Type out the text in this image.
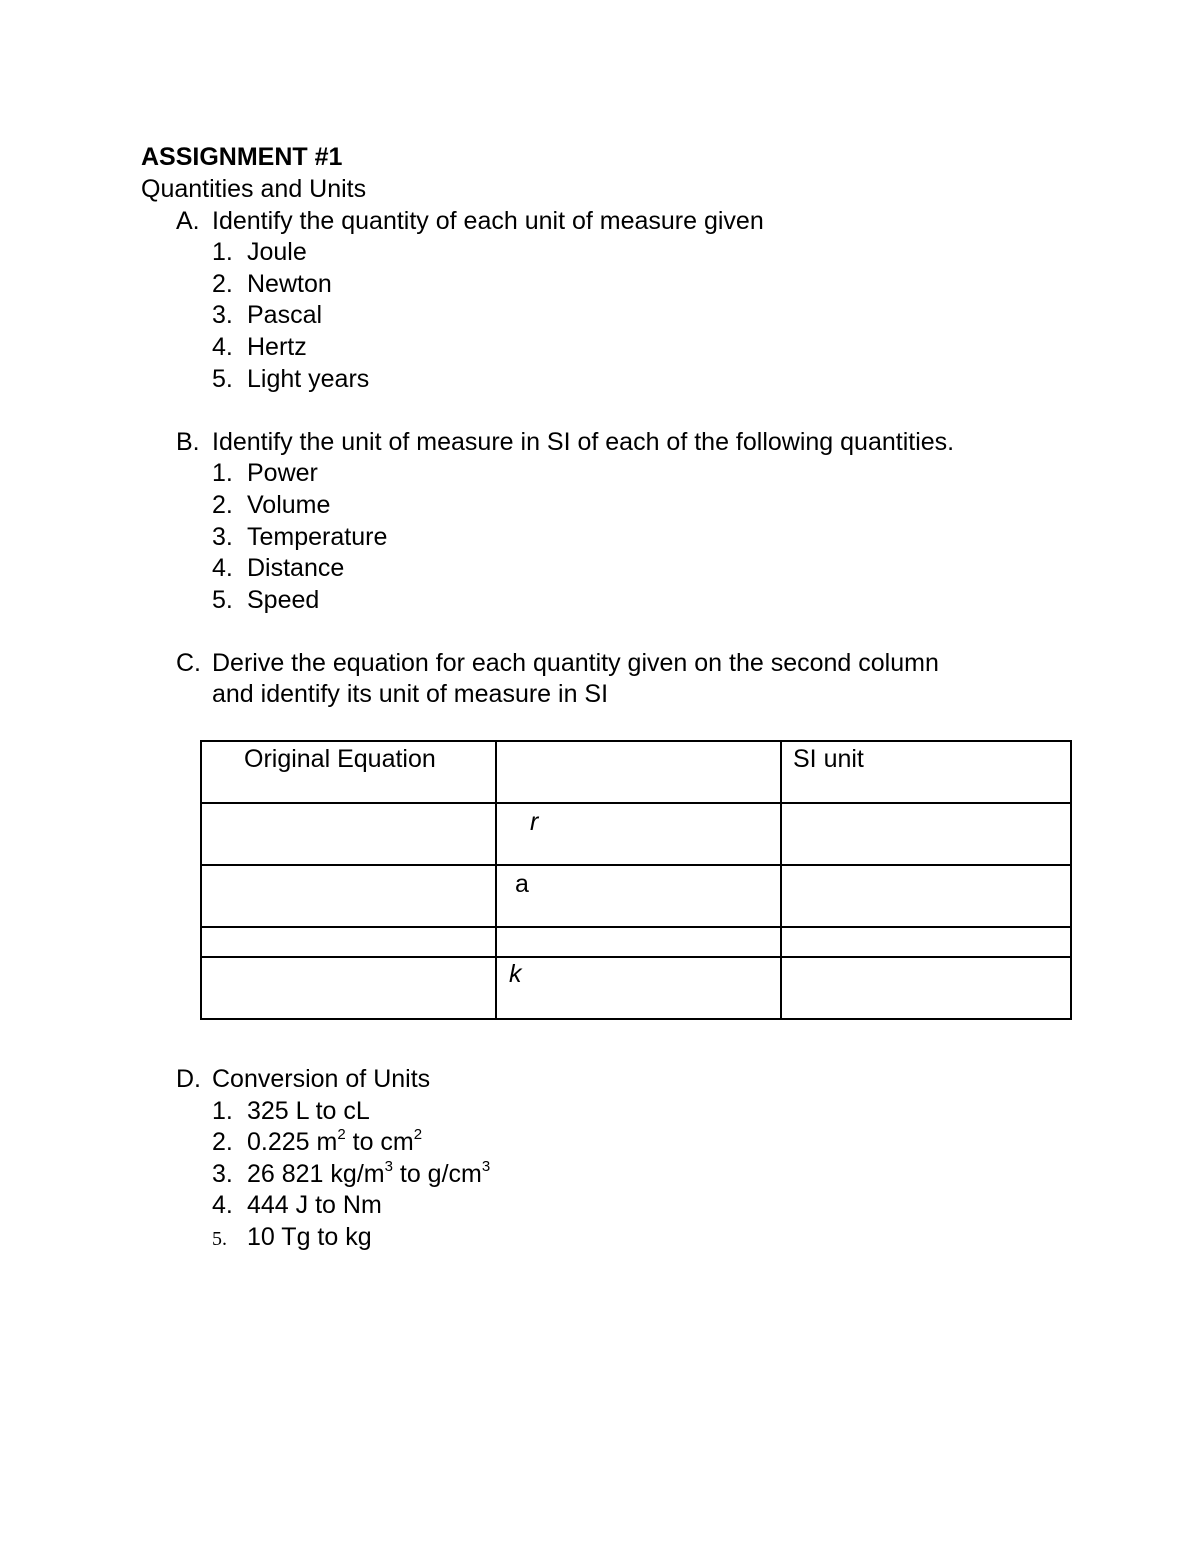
ASSIGNMENT #1
Quantities and Units
A. Identify the quantity of each unit of measure given
1. Joule
2. Newton
3. Pascal
4. Hertz
5. Light years
B. Identify the unit of measure in SI of each of the following quantities.
1. Power
2. Volume
3. Temperature
4. Distance
5. Speed
C. Derive the equation for each quantity given on the second column
and identify its unit of measure in SI
Original Equation		SI unit

	r	

	a	

	k	

D. Conversion of Units
1. 325 L to cL
2. 0.225 $m^2$ to $cm^2$
3. 26 821 $kg/m^3$ to $g/cm^3$
4. 444 J to Nm
5. 10 Tg to kg
